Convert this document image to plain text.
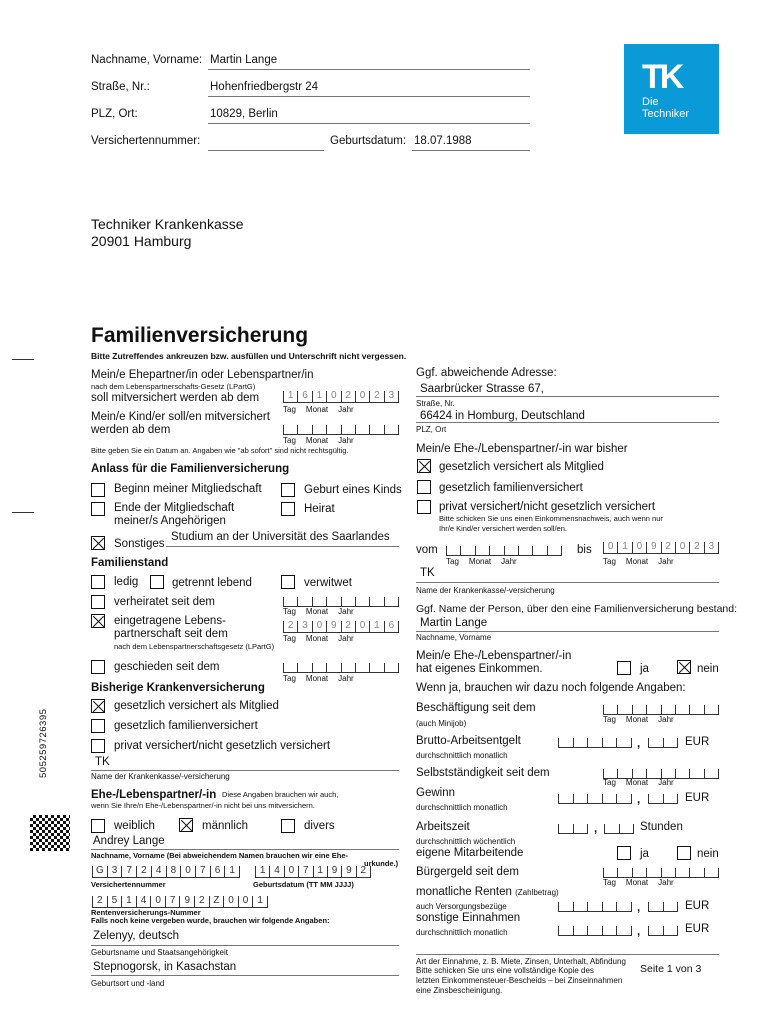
Nachname, Vorname: Martin Lange
Straße, Nr.:	Hohenfriedbergstr 24
PLZ, Ort:	10829, Berlin
Versichertennummer:	Geburtsdatum: 18.07.1988
TK
Die
Techniker
Techniker Krankenkasse
20901 Hamburg
505259726395
Familienversicherung
Bitte Zutreffendes ankreuzen bzw. ausfüllen und Unterschrift nicht vergessen.
Mein/e Ehepartner/in oder Lebenspartner/in
nach dem Lebenspartnerschafts-Gesetz (LPartG)
soll mitversichert werden ab dem	1 6 1 0 2 0 2 3
Tag Monat Jahr
Mein/e Kind/er soll/en mitversichert
werden ab dem
Tag Monat Jahr
Bitte geben Sie ein Datum an. Angaben wie "ab sofort" sind nicht rechtsgültig.
Anlass für die Familienversicherung
Beginn meiner Mitgliedschaft	Geburt eines Kinds
Ende der Mitgliedschaft
meiner/s Angehörigen
Heirat
Sonstiges
Studium an der Universität des Saarlandes
Familienstand
ledig	getrennt lebend	verwitwet
verheiratet seit dem
Tag Monat Jahr
eingetragene Lebens-
partnerschaft seit dem
2 3 0 9 2 0 1 6
Tag Monat Jahr
nach dem Lebenspartnerschaftsgesetz (LPartG)
geschieden seit dem
Tag Monat Jahr
Bisherige Krankenversicherung
gesetzlich versichert als Mitglied
gesetzlich familienversichert
privat versichert/nicht gesetzlich versichert
TK
Name der Krankenkasse/-versicherung
Ehe-/Lebenspartner/-in Diese Angaben brauchen wir auch,
wenn Sie Ihre/n Ehe-/Lebenspartner/-in nicht bei uns mitversichern.
weiblich	männlich	divers
Andrey Lange
Nachname, Vorname (Bei abweichendem Namen brauchen wir eine Ehe-
urkunde.)
G 3 7 2 4 8 0 7 6 1	1 4 0 7 1 9 9 2
Versichertennummer	Geburtsdatum (TT MM JJJJ)
2 5 1 4 0 7 9 2 Z 0 0 1
Rentenversicherungs-Nummer
Falls noch keine vergeben wurde, brauchen wir folgende Angaben:
Zelenyy, deutsch
Geburtsname und Staatsangehörigkeit
Stepnogorsk, in Kasachstan
Geburtsort und -land
Ggf. abweichende Adresse:
Saarbrücker Strasse 67,
Straße, Nr.
66424 in Homburg, Deutschland
PLZ, Ort
Mein/e Ehe-/Lebenspartner/-in war bisher
gesetzlich versichert als Mitglied
gesetzlich familienversichert
privat versichert/nicht gesetzlich versichert
Bitte schicken Sie uns einen Einkommensnachweis, auch wenn nur
Ihr/e Kind/er versichert werden soll/en.
vom
Tag Monat Jahr
bis	0 1 0 9 2 0 2 3
Tag Monat Jahr
TK
Name der Krankenkasse/-versicherung
Ggf. Name der Person, über den eine Familienversicherung bestand:
Martin Lange
Nachname, Vorname
Mein/e Ehe-/Lebenspartner/-in
hat eigenes Einkommen.	ja	nein
Wenn ja, brauchen wir dazu noch folgende Angaben:
Beschäftigung seit dem
(auch Minijob)	Tag Monat Jahr
Brutto-Arbeitsentgelt
durchschnittlich monatlich
,	EUR
Selbstständigkeit seit dem
Tag Monat Jahr
Gewinn
durchschnittlich monatlich
,	EUR
Arbeitszeit
durchschnittlich wöchentlich
,	Stunden
eigene Mitarbeitende	ja	nein
Bürgergeld seit dem
Tag Monat Jahr
monatliche Renten (Zahlbetrag)
auch Versorgungsbezüge	,	EUR
sonstige Einnahmen
durchschnittlich monatlich	,	EUR
Art der Einnahme, z. B. Miete, Zinsen, Unterhalt, Abfindung
Bitte schicken Sie uns eine vollständige Kopie des
letzten Einkommensteuer-Bescheids – bei Zinseinnahmen
eine Zinsbescheinigung.
Seite 1 von 3
